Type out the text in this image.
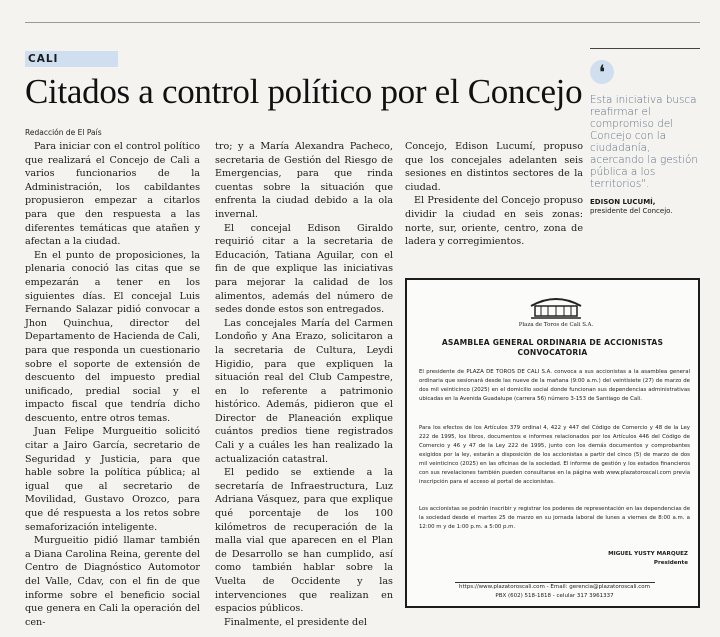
CALI
Citados a control político por el Concejo
Redacción de El País

Para iniciar con el control político que realizará el Concejo de Cali a varios funcionarios de la Administración, los cabildantes propusieron empezar a citarlos para que den respuesta a las diferentes temáticas que atañen y afectan a la ciudad.

En el punto de proposiciones, la plenaria conoció las citas que se empezarán a tener en los siguientes días. El concejal Luis Fernando Salazar pidió convocar a Jhon Quinchua, director del Departamento de Hacienda de Cali, para que responda un cuestionario sobre el soporte de extensión de descuento del impuesto predial unificado, predial social y el impacto fiscal que tendría dicho descuento, entre otros temas.

Juan Felipe Murgueitio solicitó citar a Jairo García, secretario de Seguridad y Justicia, para que hable sobre la política pública; al igual que al secretario de Movilidad, Gustavo Orozco, para que dé respuesta a los retos sobre semaforización inteligente.

Murgueitio pidió llamar también a Diana Carolina Reina, gerente del Centro de Diagnóstico Automotor del Valle, Cdav, con el fin de que informe sobre el beneficio social que genera en Cali la operación del cen-

tro; y a María Alexandra Pacheco, secretaria de Gestión del Riesgo de Emergencias, para que rinda cuentas sobre la situación que enfrenta la ciudad debido a la ola invernal.

El concejal Edison Giraldo requirió citar a la secretaria de Educación, Tatiana Aguilar, con el fin de que explique las iniciativas para mejorar la calidad de los alimentos, además del número de sedes donde estos son entregados.

Las concejales María del Carmen Londoño y Ana Erazo, solicitaron a la secretaria de Cultura, Leydi Higidio, para que expliquen la situación real del Club Campestre, en lo referente a patrimonio histórico. Además, pidieron que el Director de Planeación explique cuántos predios tiene registrados Cali y a cuáles les han realizado la actualización catastral.

El pedido se extiende a la secretaría de Infraestructura, Luz Adriana Vásquez, para que explique qué porcentaje de los 100 kilómetros de recuperación de la malla vial que aparecen en el Plan de Desarrollo se han cumplido, así como también hablar sobre la Vuelta de Occidente y las intervenciones que realizan en espacios públicos.

Finalmente, el presidente del

Concejo, Edison Lucumí, propuso que los concejales adelanten seis sesiones en distintos sectores de la ciudad.

El Presidente del Concejo propuso dividir la ciudad en seis zonas: norte, sur, oriente, centro, zona de ladera y corregimientos.

❛
Esta iniciativa busca reafirmar el compromiso del Concejo con la ciudadanía, acercando la gestión pública a los territorios".
EDISON LUCUMÍ,
presidente del Concejo.
Plaza de Toros de Cali S.A.
ASAMBLEA GENERAL ORDINARIA DE ACCIONISTAS
CONVOCATORIA
El presidente de PLAZA DE TOROS DE CALI S.A. convoca a sus accionistas a la asamblea general ordinaria que sesionará desde las nueve de la mañana (9:00 a.m.) del veintisiete (27) de marzo de dos mil veinticinco (2025) en el domicilio social donde funcionan sus dependencias administrativas ubicadas en la Avenida Guadalupe (carrera 56) número 3-153 de Santiago de Cali.
Para los efectos de los Artículos 379 ordinal 4, 422 y 447 del Código de Comercio y 48 de la Ley 222 de 1995, los libros, documentos e informes relacionados por los Artículos 446 del Código de Comercio y 46 y 47 de la Ley 222 de 1995, junto con los demás documentos y comprobantes exigidos por la ley, estarán a disposición de los accionistas a partir del cinco (5) de marzo de dos mil veinticinco (2025) en las oficinas de la sociedad. El informe de gestión y los estados financieros con sus revelaciones también pueden consultarse en la página web www.plazatoroscali.com previa inscripción para el acceso al portal de accionistas.
Los accionistas se podrán inscribir y registrar los poderes de representación en las dependencias de la sociedad desde el martes 25 de marzo en su jornada laboral de lunes a viernes de 8:00 a.m. a 12:00 m y de 1:00 p.m. a 5:00 p.m.
MIGUEL YUSTY MARQUEZ
Presidente
https://www.plazatoroscali.com - Email: gerencia@plazatoroscali.com
PBX (602) 518-1818 - celular 317 3961337
